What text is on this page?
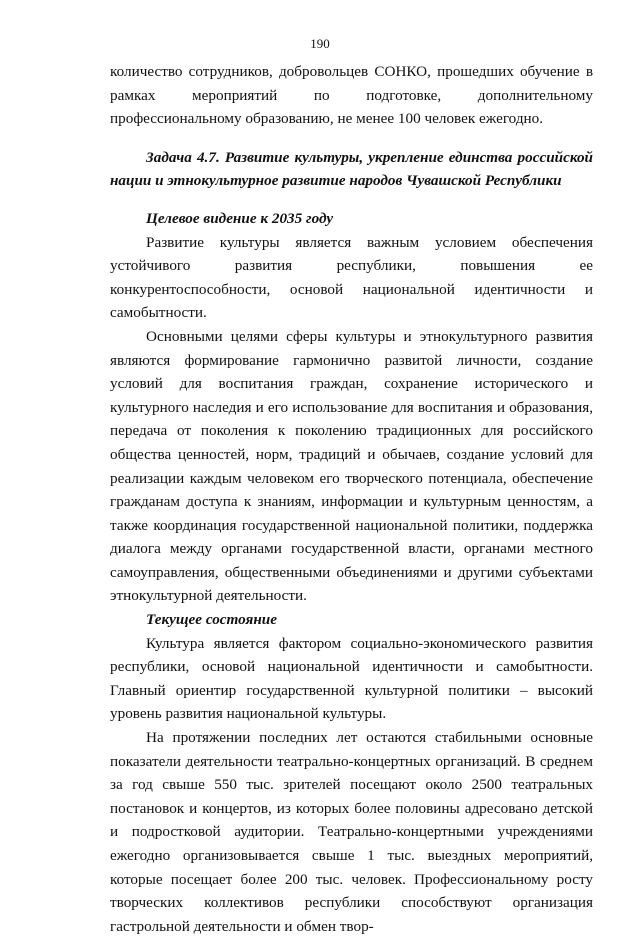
190

количество сотрудников, добровольцев СОНКО, прошедших обучение в рамках мероприятий по подготовке, дополнительному профессиональному образованию, не менее 100 человек ежегодно.

Задача 4.7. Развитие культуры, укрепление единства российской нации и этнокультурное развитие народов Чувашской Республики

Целевое видение к 2035 году

Развитие культуры является важным условием обеспечения устойчивого развития республики, повышения ее конкурентоспособности, основой национальной идентичности и самобытности.

Основными целями сферы культуры и этнокультурного развития являются формирование гармонично развитой личности, создание условий для воспитания граждан, сохранение исторического и культурного наследия и его использование для воспитания и образования, передача от поколения к поколению традиционных для российского общества ценностей, норм, традиций и обычаев, создание условий для реализации каждым человеком его творческого потенциала, обеспечение гражданам доступа к знаниям, информации и культурным ценностям, а также координация государственной национальной политики, поддержка диалога между органами государственной власти, органами местного самоуправления, общественными объединениями и другими субъектами этнокультурной деятельности.

Текущее состояние

Культура является фактором социально-экономического развития республики, основой национальной идентичности и самобытности. Главный ориентир государственной культурной политики – высокий уровень развития национальной культуры.

На протяжении последних лет остаются стабильными основные показатели деятельности театрально-концертных организаций. В среднем за год свыше 550 тыс. зрителей посещают около 2500 театральных постановок и концертов, из которых более половины адресовано детской и подростковой аудитории. Театрально-концертными учреждениями ежегодно организовывается свыше 1 тыс. выездных мероприятий, которые посещает более 200 тыс. человек. Профессиональному росту творческих коллективов республики способствуют организация гастрольной деятельности и обмен твор-
